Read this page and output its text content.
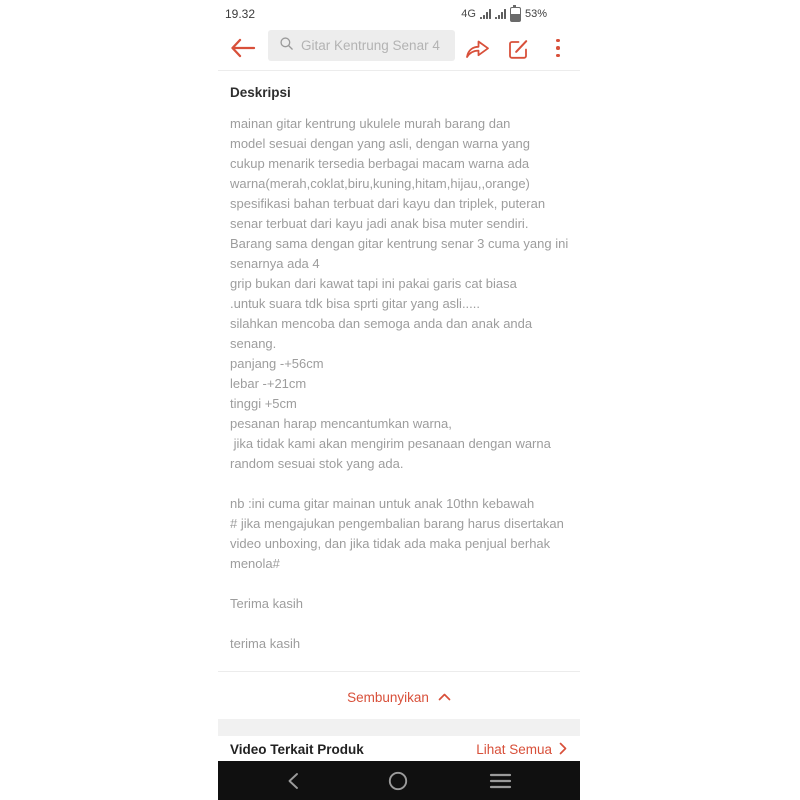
19.32	4G	53%
Gitar Kentrung Senar 4
Deskripsi
mainan gitar kentrung ukulele murah barang dan
model sesuai dengan yang asli, dengan warna yang
cukup menarik tersedia berbagai macam warna ada
warna(merah,coklat,biru,kuning,hitam,hijau,,orange)
spesifikasi bahan terbuat dari kayu dan triplek, puteran
senar terbuat dari kayu jadi anak bisa muter sendiri.
Barang sama dengan gitar kentrung senar 3 cuma yang ini
senarnya ada 4
grip bukan dari kawat tapi ini pakai garis cat biasa
.untuk suara tdk bisa sprti gitar yang asli.....
silahkan mencoba dan semoga anda dan anak anda
senang.
panjang -+56cm
lebar -+21cm
tinggi +5cm
pesanan harap mencantumkan warna,
jika tidak kami akan mengirim pesanaan dengan warna
random sesuai stok yang ada.
nb :ini cuma gitar mainan untuk anak 10thn kebawah
# jika mengajukan pengembalian barang harus disertakan
video unboxing, dan jika tidak ada maka penjual berhak
menola#
Terima kasih
terima kasih
Sembunyikan
Video Terkait Produk	Lihat Semua
